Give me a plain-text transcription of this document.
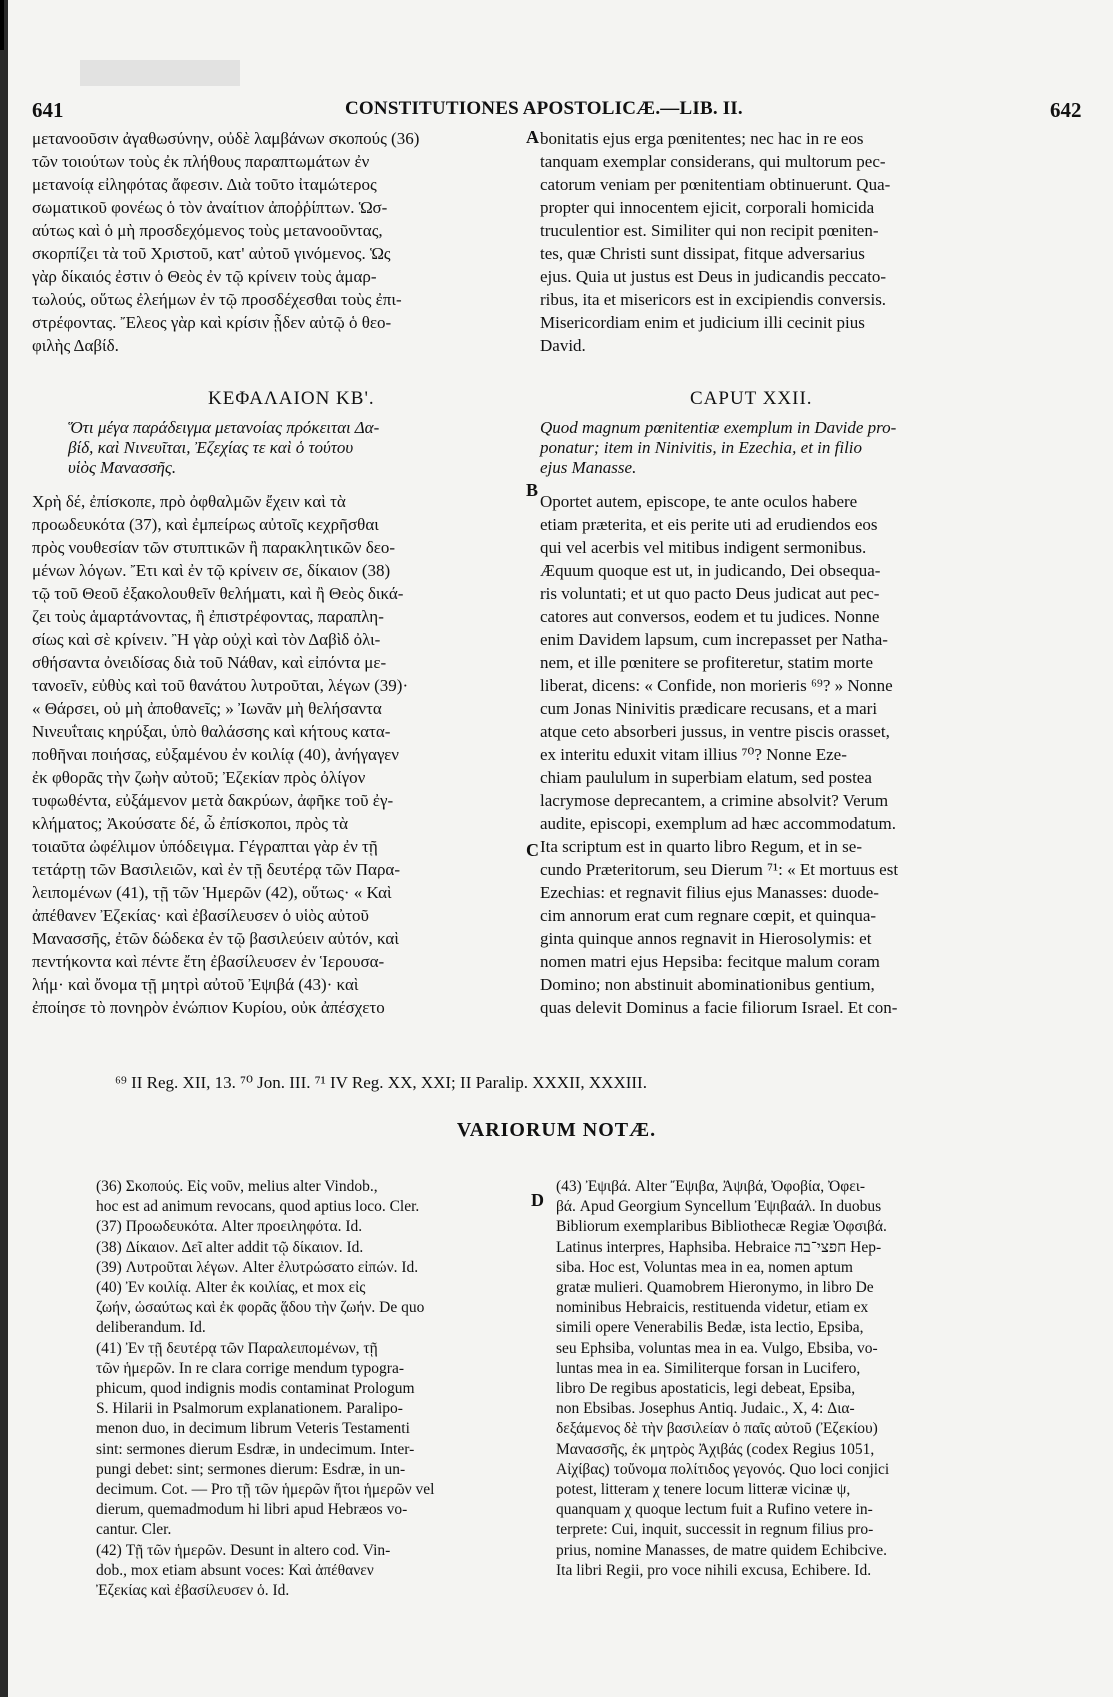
641	CONSTITUTIONES APOSTOLICÆ.—LIB. II.	642

μετανοοῦσιν ἀγαθωσύνην, οὐδὲ λαμβάνων σκοπούς (36)
τῶν τοιούτων τοὺς ἐκ πλήθους παραπτωμάτων ἐν
μετανοίᾳ εἰληφότας ἄφεσιν. Διὰ τοῦτο ἰταμώτερος
σωματικοῦ φονέως ὁ τὸν ἀναίτιον ἀποῤῥίπτων. Ὡσ-
αύτως καὶ ὁ μὴ προσδεχόμενος τοὺς μετανοοῦντας,
σκορπίζει τὰ τοῦ Χριστοῦ, κατ' αὐτοῦ γινόμενος. Ὡς
γὰρ δίκαιός ἐστιν ὁ Θεὸς ἐν τῷ κρίνειν τοὺς ἁμαρ-
τωλούς, οὕτως ἐλεήμων ἐν τῷ προσδέχεσθαι τοὺς ἐπι-
στρέφοντας. Ἔλεος γὰρ καὶ κρίσιν ᾖδεν αὐτῷ ὁ θεο-
φιλὴς Δαβίδ.

bonitatis ejus erga pœnitentes; nec hac in re eos
tanquam exemplar considerans, qui multorum pec-
catorum veniam per pœnitentiam obtinuerunt. Qua-
propter qui innocentem ejicit, corporali homicida
truculentior est. Similiter qui non recipit pœniten-
tes, quæ Christi sunt dissipat, fitque adversarius
ejus. Quia ut justus est Deus in judicandis peccato-
ribus, ita et misericors est in excipiendis conversis.
Misericordiam enim et judicium illi cecinit pius
David.

ΚΕΦΑΛΑΙΟΝ ΚΒ'.	CAPUT XXII.

Ὅτι μέγα παράδειγμα μετανοίας πρόκειται Δα-
βίδ, καὶ Νινευῖται, Ἐζεχίας τε καὶ ὁ τούτου
υἱὸς Μανασσῆς.

Quod magnum pœnitentiæ exemplum in Davide pro-
ponatur; item in Ninivitis, in Ezechia, et in filio
ejus Manasse.

Χρὴ δέ, ἐπίσκοπε, πρὸ ὀφθαλμῶν ἔχειν καὶ τὰ
προωδευκότα (37), καὶ ἐμπείρως αὐτοῖς κεχρῆσθαι
πρὸς νουθεσίαν τῶν στυπτικῶν ἢ παρακλητικῶν δεο-
μένων λόγων. Ἔτι καὶ ἐν τῷ κρίνειν σε, δίκαιον (38)
τῷ τοῦ Θεοῦ ἐξακολουθεῖν θελήματι, καὶ ἢ Θεὸς δικά-
ζει τοὺς ἁμαρτάνοντας, ἢ ἐπιστρέφοντας, παραπλη-
σίως καὶ σὲ κρίνειν. Ἢ γὰρ οὐχὶ καὶ τὸν Δαβὶδ ὀλι-
σθήσαντα ὀνειδίσας διὰ τοῦ Νάθαν, καὶ εἰπόντα με-
τανοεῖν, εὐθὺς καὶ τοῦ θανάτου λυτροῦται, λέγων (39)·
« Θάρσει, οὐ μὴ ἀποθανεῖς; » Ἰωνᾶν μὴ θελήσαντα
Νινευΐταις κηρύξαι, ὑπὸ θαλάσσης καὶ κήτους κατα-
ποθῆναι ποιήσας, εὐξαμένου ἐν κοιλίᾳ (40), ἀνήγαγεν
ἐκ φθορᾶς τὴν ζωὴν αὐτοῦ; Ἐζεκίαν πρὸς ὀλίγον
τυφωθέντα, εὐξάμενον μετὰ δακρύων, ἀφῆκε τοῦ ἐγ-
κλήματος; Ἀκούσατε δέ, ὦ ἐπίσκοποι, πρὸς τὰ
τοιαῦτα ὠφέλιμον ὑπόδειγμα. Γέγραπται γὰρ ἐν τῇ
τετάρτῃ τῶν Βασιλειῶν, καὶ ἐν τῇ δευτέρᾳ τῶν Παρα-
λειπομένων (41), τῇ τῶν Ἡμερῶν (42), οὕτως· « Καὶ
ἀπέθανεν Ἐζεκίας· καὶ ἐβασίλευσεν ὁ υἱὸς αὐτοῦ
Μανασσῆς, ἐτῶν δώδεκα ἐν τῷ βασιλεύειν αὐτόν, καὶ
πεντήκοντα καὶ πέντε ἔτη ἐβασίλευσεν ἐν Ἱερουσα-
λήμ· καὶ ὄνομα τῇ μητρὶ αὐτοῦ Ἐψιβά (43)· καὶ
ἐποίησε τὸ πονηρὸν ἐνώπιον Κυρίου, οὐκ ἀπέσχετο

Oportet autem, episcope, te ante oculos habere
etiam præterita, et eis perite uti ad erudiendos eos
qui vel acerbis vel mitibus indigent sermonibus.
Æquum quoque est ut, in judicando, Dei obsequa-
ris voluntati; et ut quo pacto Deus judicat aut pec-
catores aut conversos, eodem et tu judices. Nonne
enim Davidem lapsum, cum increpasset per Natha-
nem, et ille pœnitere se profiteretur, statim morte
liberat, dicens: « Confide, non morieris ⁶⁹? » Nonne
cum Jonas Ninivitis prædicare recusans, et a mari
atque ceto absorberi jussus, in ventre piscis orasset,
ex interitu eduxit vitam illius ⁷⁰? Nonne Eze-
chiam paululum in superbiam elatum, sed postea
lacrymose deprecantem, a crimine absolvit? Verum
audite, episcopi, exemplum ad hæc accommodatum.
Ita scriptum est in quarto libro Regum, et in se-
cundo Præteritorum, seu Dierum ⁷¹: « Et mortuus est
Ezechias: et regnavit filius ejus Manasses: duode-
cim annorum erat cum regnare cœpit, et quinqua-
ginta quinque annos regnavit in Hierosolymis: et
nomen matri ejus Hepsiba: fecitque malum coram
Domino; non abstinuit abominationibus gentium,
quas delevit Dominus a facie filiorum Israel. Et con-

A
B
C
D
⁶⁹ II Reg. XII, 13. ⁷⁰ Jon. III. ⁷¹ IV Reg. XX, XXI; II Paralip. XXXII, XXXIII.
VARIORUM NOTÆ.

(36) Σκοπούς. Εἰς νοῦν, melius alter Vindob.,
hoc est ad animum revocans, quod aptius loco. Cler.
(37) Προωδευκότα. Alter προειληφότα. Id.
(38) Δίκαιον. Δεῖ alter addit τῷ δίκαιον. Id.
(39) Λυτροῦται λέγων. Alter ἐλυτρώσατο εἰπών. Id.
(40) Ἐν κοιλίᾳ. Alter ἐκ κοιλίας, et mox εἰς
ζωήν, ὡσαύτως καὶ ἐκ φορᾶς ᾅδου τὴν ζωήν. De quo
deliberandum. Id.
(41) Ἐν τῇ δευτέρᾳ τῶν Παραλειπομένων, τῇ
τῶν ἡμερῶν. In re clara corrige mendum typogra-
phicum, quod indignis modis contaminat Prologum
S. Hilarii in Psalmorum explanationem. Paralipo-
menon duo, in decimum librum Veteris Testamenti
sint: sermones dierum Esdræ, in undecimum. Inter-
pungi debet: sint; sermones dierum: Esdræ, in un-
decimum. Cot. — Pro τῇ τῶν ἡμερῶν ἤτοι ἡμερῶν vel
dierum, quemadmodum hi libri apud Hebræos vo-
cantur. Cler.
(42) Τῇ τῶν ἡμερῶν. Desunt in altero cod. Vin-
dob., mox etiam absunt voces: Καὶ ἀπέθανεν
Ἐζεκίας καὶ ἐβασίλευσεν ὁ. Id.

(43) Ἐψιβά. Alter Ἔψιβα, Ἀψιβά, Ὀφοβία, Ὀφει-
βά. Apud Georgium Syncellum Ἐψιβαάλ. In duobus
Bibliorum exemplaribus Bibliothecæ Regiæ Ὀφσιβά.
Latinus interpres, Haphsiba. Hebraice חפצי־בה Hep-
siba. Hoc est, Voluntas mea in ea, nomen aptum
gratæ mulieri. Quamobrem Hieronymo, in libro De
nominibus Hebraicis, restituenda videtur, etiam ex
simili opere Venerabilis Bedæ, ista lectio, Epsiba,
seu Ephsiba, voluntas mea in ea. Vulgo, Ebsiba, vo-
luntas mea in ea. Similiterque forsan in Lucifero,
libro De regibus apostaticis, legi debeat, Epsiba,
non Ebsibas. Josephus Antiq. Judaic., X, 4: Δια-
δεξάμενος δὲ τὴν βασιλείαν ὁ παῖς αὐτοῦ (Ἐζεκίου)
Μανασσῆς, ἐκ μητρὸς Ἀχιβάς (codex Regius 1051,
Αἰχίβας) τοὔνομα πολίτιδος γεγονός. Quo loci conjici
potest, litteram χ tenere locum litteræ vicinæ ψ,
quanquam χ quoque lectum fuit a Rufino vetere in-
terprete: Cui, inquit, successit in regnum filius pro-
prius, nomine Manasses, de matre quidem Echibcive.
Ita libri Regii, pro voce nihili excusa, Echibere. Id.
